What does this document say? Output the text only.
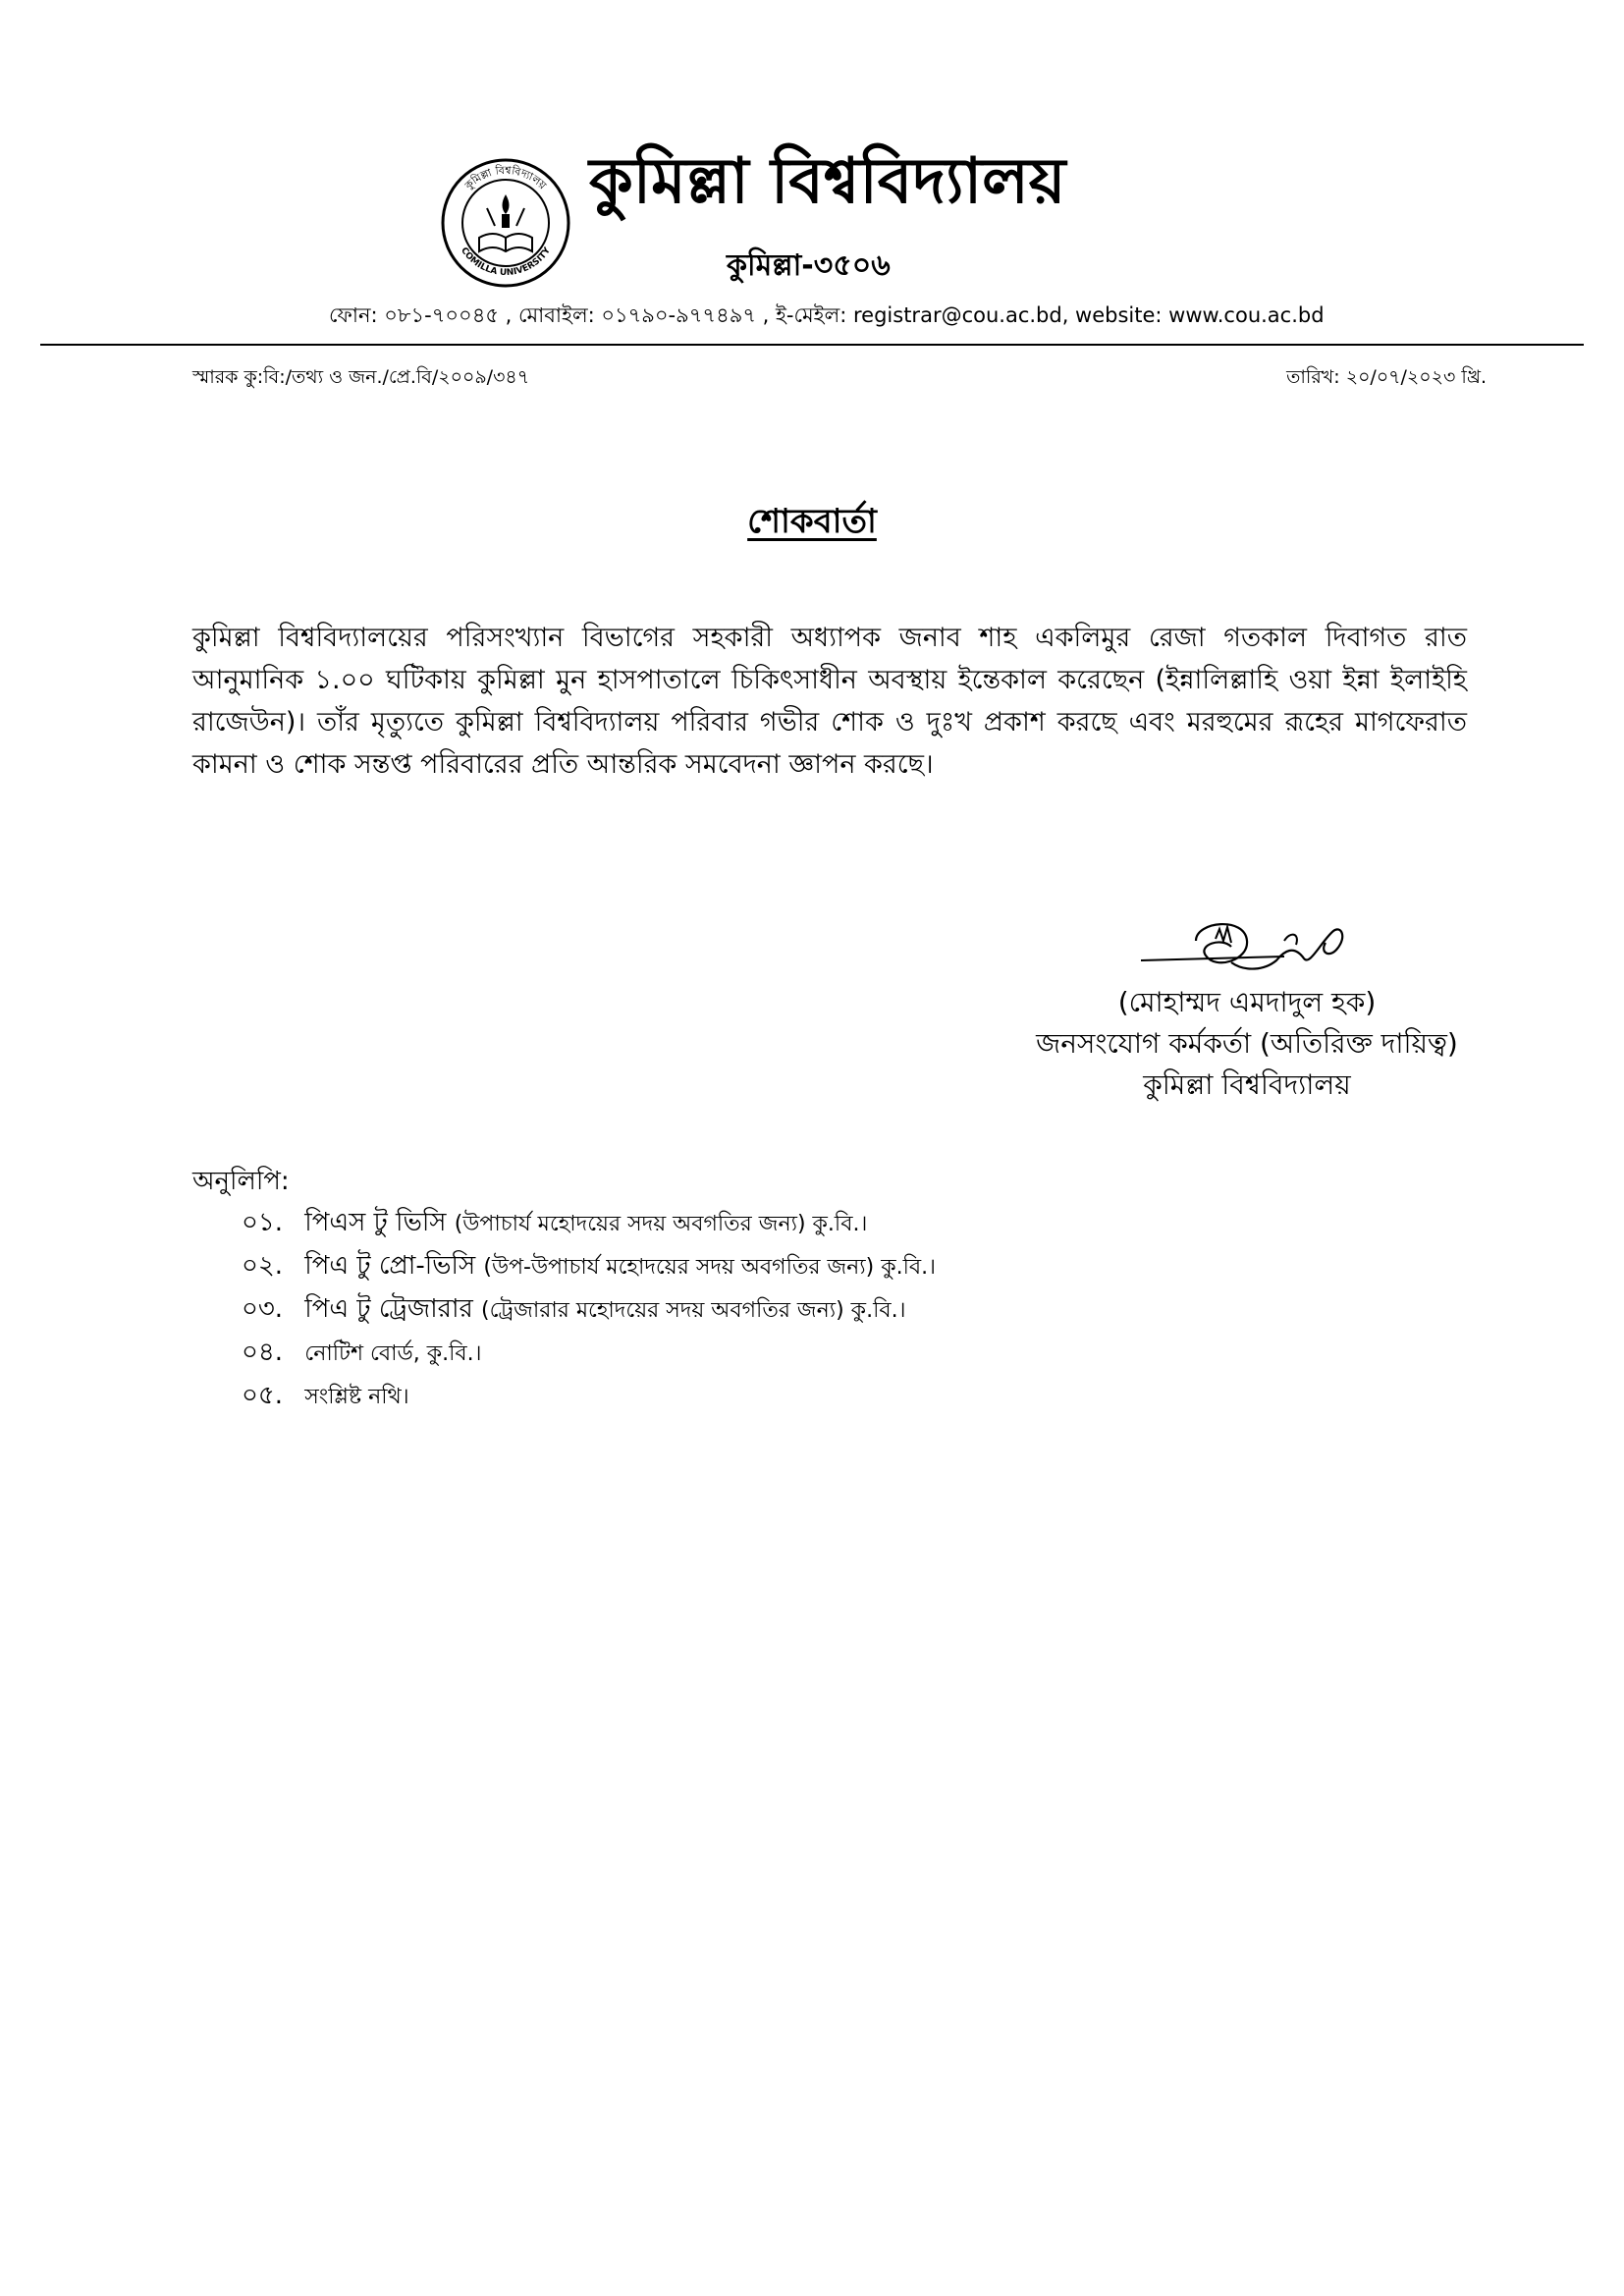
কুমিল্লা বিশ্ববিদ্যালয়
COMILLA UNIVERSITY
কুমিল্লা বিশ্ববিদ্যালয়
কুমিল্লা-৩৫০৬
ফোন: ০৮১-৭০০৪৫ , মোবাইল: ০১৭৯০-৯৭৭৪৯৭ , ই-মেইল: registrar@cou.ac.bd, website: www.cou.ac.bd
স্মারক কু:বি:/তথ্য ও জন./প্রে.বি/২০০৯/৩৪৭	তারিখ: ২০/০৭/২০২৩ খ্রি.
শোকবার্তা
কুমিল্লা বিশ্ববিদ্যালয়ের পরিসংখ্যান বিভাগের সহকারী অধ্যাপক জনাব শাহ একলিমুর রেজা গতকাল দিবাগত রাত আনুমানিক ১.০০ ঘটিকায় কুমিল্লা মুন হাসপাতালে চিকিৎসাধীন অবস্থায় ইন্তেকাল করেছেন (ইন্নালিল্লাহি ওয়া ইন্না ইলাইহি রাজেউন)। তাঁর মৃত্যুতে কুমিল্লা বিশ্ববিদ্যালয় পরিবার গভীর শোক ও দুঃখ প্রকাশ করছে এবং মরহুমের রূহের মাগফেরাত কামনা ও শোক সন্তপ্ত পরিবারের প্রতি আন্তরিক সমবেদনা জ্ঞাপন করছে।
(মোহাম্মদ এমদাদুল হক)
জনসংযোগ কর্মকর্তা (অতিরিক্ত দায়িত্ব)
কুমিল্লা বিশ্ববিদ্যালয়
অনুলিপি:
০১. পিএস টু ভিসি (উপাচার্য মহোদয়ের সদয় অবগতির জন্য) কু.বি.।
০২. পিএ টু প্রো-ভিসি (উপ-উপাচার্য মহোদয়ের সদয় অবগতির জন্য) কু.বি.।
০৩. পিএ টু ট্রেজারার (ট্রেজারার মহোদয়ের সদয় অবগতির জন্য) কু.বি.।
০৪. নোটিশ বোর্ড, কু.বি.।
০৫. সংশ্লিষ্ট নথি।
